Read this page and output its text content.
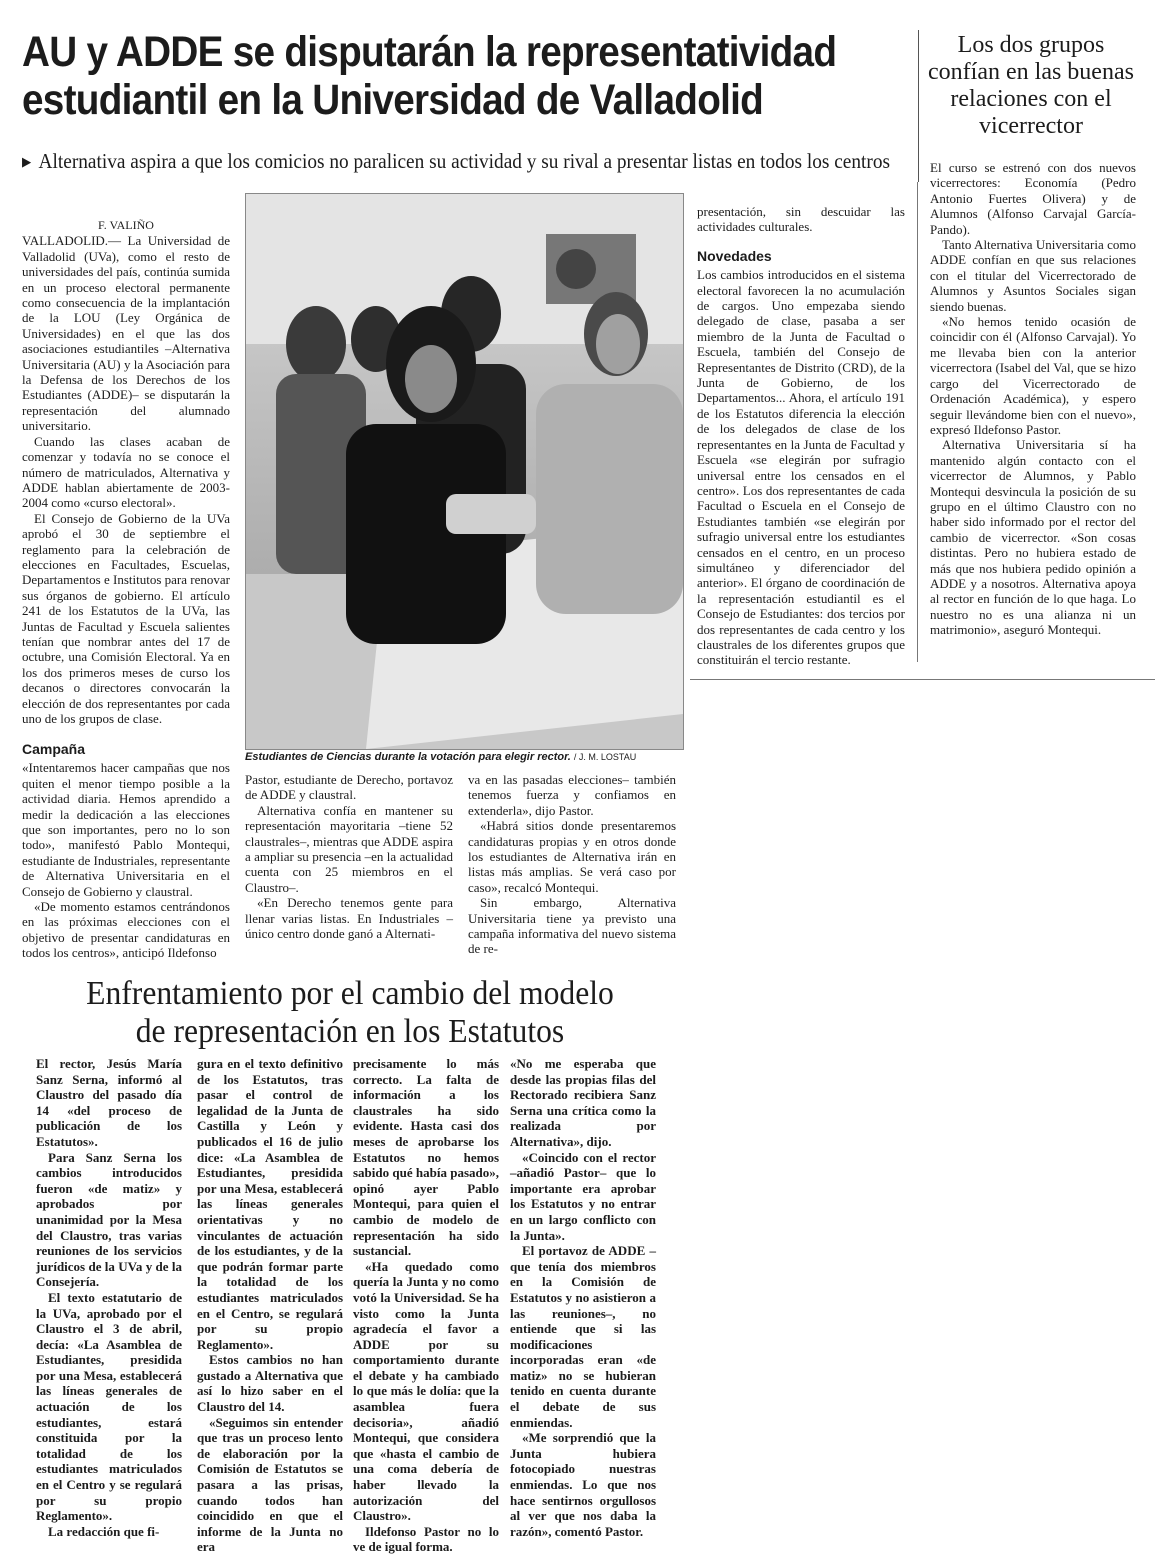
AU y ADDE se disputarán la representatividad
estudiantil en la Universidad de Valladolid
▶ Alternativa aspira a que los comicios no paralicen su actividad y su rival a presentar listas en todos los centros
Los dos grupos confían en las buenas relaciones con el vicerrector

F. VALIÑO

VALLADOLID.— La Universidad de Valladolid (UVa), como el resto de universidades del país, continúa sumida en un proceso electoral permanente como consecuencia de la implantación de la LOU (Ley Orgánica de Universidades) en el que las dos asociaciones estudiantiles –Alternativa Universitaria (AU) y la Asociación para la Defensa de los Derechos de los Estudiantes (ADDE)– se disputarán la representación del alumnado universitario.

Cuando las clases acaban de comenzar y todavía no se conoce el número de matriculados, Alternativa y ADDE hablan abiertamente de 2003-2004 como «curso electoral».

El Consejo de Gobierno de la UVa aprobó el 30 de septiembre el reglamento para la celebración de elecciones en Facultades, Escuelas, Departamentos e Institutos para renovar sus órganos de gobierno. El artículo 241 de los Estatutos de la UVa, las Juntas de Facultad y Escuela salientes tenían que nombrar antes del 17 de octubre, una Comisión Electoral. Ya en los dos primeros meses de curso los decanos o directores convocarán la elección de dos representantes por cada uno de los grupos de clase.

Campaña

«Intentaremos hacer campañas que nos quiten el menor tiempo posible a la actividad diaria. Hemos aprendido a medir la dedicación a las elecciones que son importantes, pero no lo son todo», manifestó Pablo Montequi, estudiante de Industriales, representante de Alternativa Universitaria en el Consejo de Gobierno y claustral.

«De momento estamos centrándonos en las próximas elecciones con el objetivo de presentar candidaturas en todos los centros», anticipó Ildefonso

Estudiantes de Ciencias durante la votación para elegir rector. / J. M. LOSTAU

Pastor, estudiante de Derecho, portavoz de ADDE y claustral.

Alternativa confía en mantener su representación mayoritaria –tiene 52 claustrales–, mientras que ADDE aspira a ampliar su presencia –en la actualidad cuenta con 25 miembros en el Claustro–.

«En Derecho tenemos gente para llenar varias listas. En Industriales –único centro donde ganó a Alternati-

va en las pasadas elecciones– también tenemos fuerza y confiamos en extenderla», dijo Pastor.

«Habrá sitios donde presentaremos candidaturas propias y en otros donde los estudiantes de Alternativa irán en listas más amplias. Se verá caso por caso», recalcó Montequi.

Sin embargo, Alternativa Universitaria tiene ya previsto una campaña informativa del nuevo sistema de re-

presentación, sin descuidar las actividades culturales.

Novedades

Los cambios introducidos en el sistema electoral favorecen la no acumulación de cargos. Uno empezaba siendo delegado de clase, pasaba a ser miembro de la Junta de Facultad o Escuela, también del Consejo de Representantes de Distrito (CRD), de la Junta de Gobierno, de los Departamentos... Ahora, el artículo 191 de los Estatutos diferencia la elección de los delegados de clase de los representantes en la Junta de Facultad y Escuela «se elegirán por sufragio universal entre los censados en el centro». Los dos representantes de cada Facultad o Escuela en el Consejo de Estudiantes también «se elegirán por sufragio universal entre los estudiantes censados en el centro, en un proceso simultáneo y diferenciador del anterior». El órgano de coordinación de la representación estudiantil es el Consejo de Estudiantes: dos tercios por dos representantes de cada centro y los claustrales de los diferentes grupos que constituirán el tercio restante.

El curso se estrenó con dos nuevos vicerrectores: Economía (Pedro Antonio Fuertes Olivera) y de Alumnos (Alfonso Carvajal García-Pando).

Tanto Alternativa Universitaria como ADDE confían en que sus relaciones con el titular del Vicerrectorado de Alumnos y Asuntos Sociales sigan siendo buenas.

«No hemos tenido ocasión de coincidir con él (Alfonso Carvajal). Yo me llevaba bien con la anterior vicerrectora (Isabel del Val, que se hizo cargo del Vicerrectorado de Ordenación Académica), y espero seguir llevándome bien con el nuevo», expresó Ildefonso Pastor.

Alternativa Universitaria sí ha mantenido algún contacto con el vicerrector de Alumnos, y Pablo Montequi desvincula la posición de su grupo en el último Claustro con no haber sido informado por el rector del cambio de vicerrector. «Son cosas distintas. Pero no hubiera estado de más que nos hubiera pedido opinión a ADDE y a nosotros. Alternativa apoya al rector en función de lo que haga. Lo nuestro no es una alianza ni un matrimonio», aseguró Montequi.

Enfrentamiento por el cambio del modelo
de representación en los Estatutos

El rector, Jesús María Sanz Serna, informó al Claustro del pasado día 14 «del proceso de publicación de los Estatutos».

Para Sanz Serna los cambios introducidos fueron «de matiz» y aprobados por unanimidad por la Mesa del Claustro, tras varias reuniones de los servicios jurídicos de la UVa y de la Consejería.

El texto estatutario de la UVa, aprobado por el Claustro el 3 de abril, decía: «La Asamblea de Estudiantes, presidida por una Mesa, establecerá las líneas generales de actuación de los estudiantes, estará constituida por la totalidad de los estudiantes matriculados en el Centro y se regulará por su propio Reglamento».

La redacción que fi-

gura en el texto definitivo de los Estatutos, tras pasar el control de legalidad de la Junta de Castilla y León y publicados el 16 de julio dice: «La Asamblea de Estudiantes, presidida por una Mesa, establecerá las líneas generales orientativas y no vinculantes de actuación de los estudiantes, y de la que podrán formar parte la totalidad de los estudiantes matriculados en el Centro, se regulará por su propio Reglamento».

Estos cambios no han gustado a Alternativa que así lo hizo saber en el Claustro del 14.

«Seguimos sin entender que tras un proceso lento de elaboración por la Comisión de Estatutos se pasara a las prisas, cuando todos han coincidido en que el informe de la Junta no era

precisamente lo más correcto. La falta de información a los claustrales ha sido evidente. Hasta casi dos meses de aprobarse los Estatutos no hemos sabido qué había pasado», opinó ayer Pablo Montequi, para quien el cambio de modelo de representación ha sido sustancial.

«Ha quedado como quería la Junta y no como votó la Universidad. Se ha visto como la Junta agradecía el favor a ADDE por su comportamiento durante el debate y ha cambiado lo que más le dolía: que la asamblea fuera decisoria», añadió Montequi, que considera que «hasta el cambio de una coma debería de haber llevado la autorización del Claustro».

Ildefonso Pastor no lo ve de igual forma.

«No me esperaba que desde las propias filas del Rectorado recibiera Sanz Serna una crítica como la realizada por Alternativa», dijo.

«Coincido con el rector –añadió Pastor– que lo importante era aprobar los Estatutos y no entrar en un largo conflicto con la Junta».

El portavoz de ADDE –que tenía dos miembros en la Comisión de Estatutos y no asistieron a las reuniones–, no entiende que si las modificaciones incorporadas eran «de matiz» no se hubieran tenido en cuenta durante el debate de sus enmiendas.

«Me sorprendió que la Junta hubiera fotocopiado nuestras enmiendas. Lo que nos hace sentirnos orgullosos al ver que nos daba la razón», comentó Pastor.
